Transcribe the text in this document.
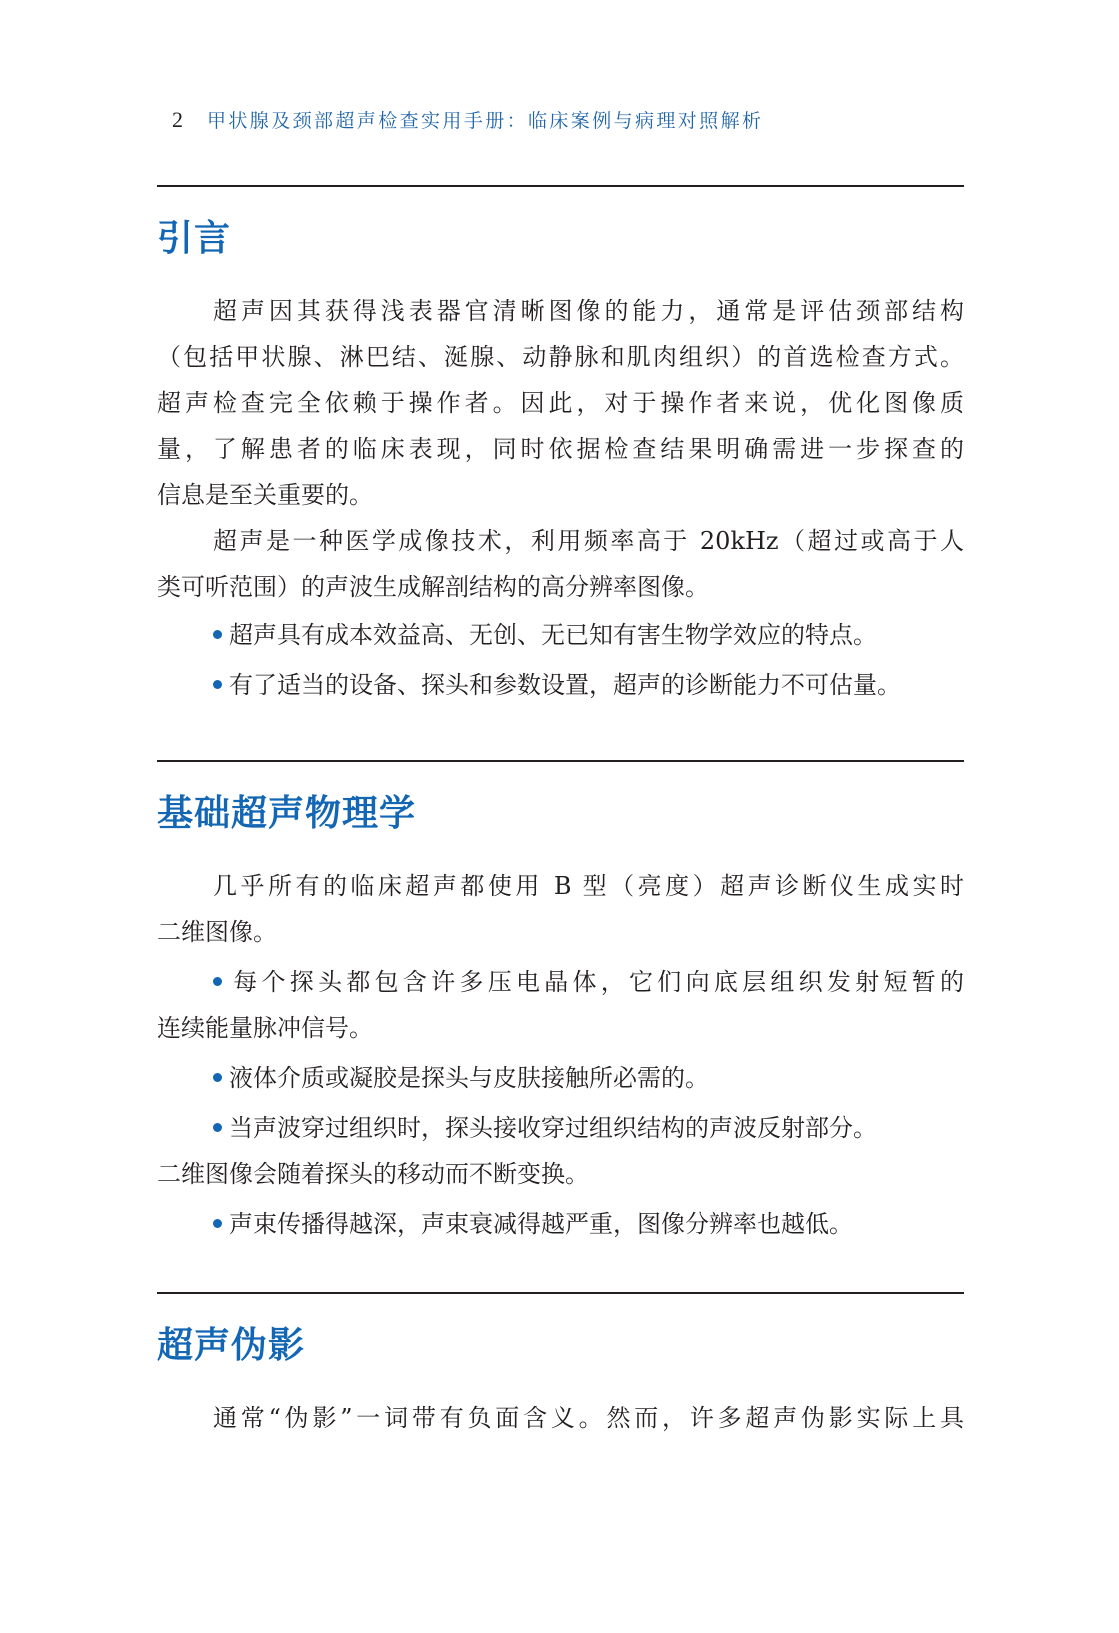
2 甲状腺及颈部超声检查实用手册：临床案例与病理对照解析
引言
超声因其获得浅表器官清晰图像的能力，通常是评估颈部结构
（包括甲状腺、淋巴结、涎腺、动静脉和肌肉组织）的首选检查方式。
超声检查完全依赖于操作者。因此，对于操作者来说，优化图像质
量，了解患者的临床表现，同时依据检查结果明确需进一步探查的
信息是至关重要的。
超声是一种医学成像技术，利用频率高于 20kHz（超过或高于人
类可听范围）的声波生成解剖结构的高分辨率图像。
超声具有成本效益高、无创、无已知有害生物学效应的特点。
有了适当的设备、探头和参数设置，超声的诊断能力不可估量。
基础超声物理学
几乎所有的临床超声都使用 B 型（亮度）超声诊断仪生成实时
二维图像。
每个探头都包含许多压电晶体，它们向底层组织发射短暂的
连续能量脉冲信号。
液体介质或凝胶是探头与皮肤接触所必需的。
当声波穿过组织时，探头接收穿过组织结构的声波反射部分。
二维图像会随着探头的移动而不断变换。
声束传播得越深，声束衰减得越严重，图像分辨率也越低。
超声伪影
通常“伪影”一词带有负面含义。然而，许多超声伪影实际上具
